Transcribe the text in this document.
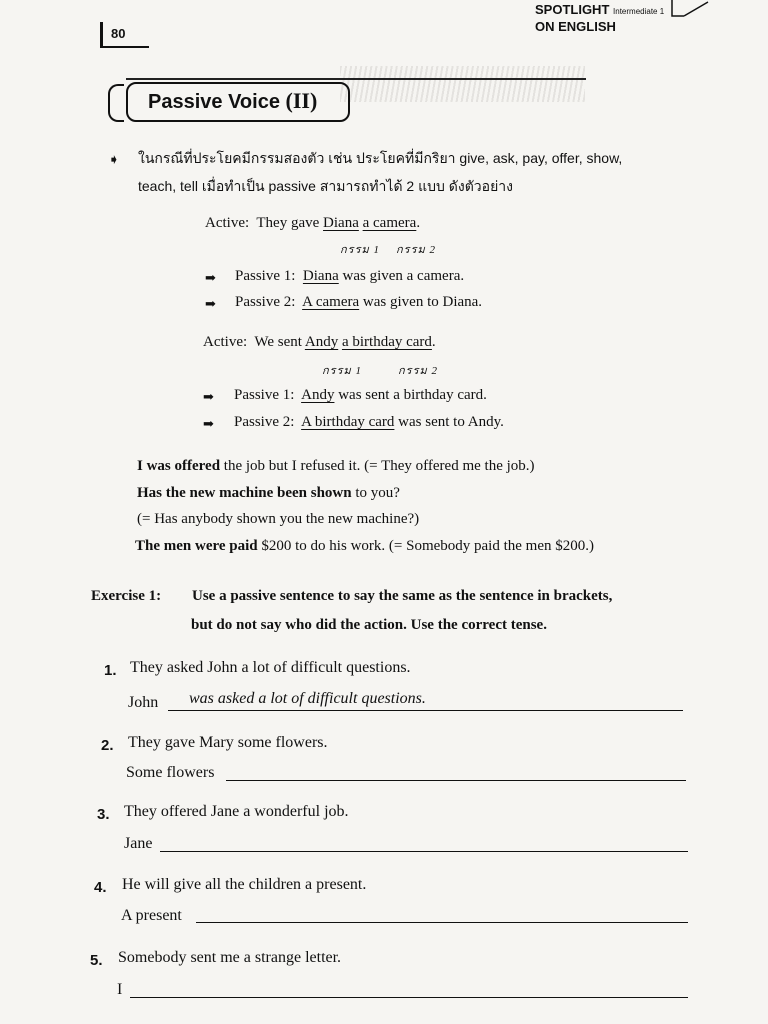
80
SPOTLIGHT Intermediate 1
ON ENGLISH
Passive Voice (II)
➧ ในกรณีที่ประโยคมีกรรมสองตัว เช่น ประโยคที่มีกริยา give, ask, pay, offer, show,
teach, tell เมื่อทำเป็น passive สามารถทำได้ 2 แบบ ดังตัวอย่าง
Active: They gave Diana a camera.
กรรม 1 กรรม 2
➡ Passive 1: Diana was given a camera.
➡ Passive 2: A camera was given to Diana.
Active: We sent Andy a birthday card.
กรรม 1	กรรม 2
➡ Passive 1: Andy was sent a birthday card.
➡ Passive 2: A birthday card was sent to Andy.
I was offered the job but I refused it. (= They offered me the job.)
Has the new machine been shown to you?
(= Has anybody shown you the new machine?)
The men were paid $200 to do his work. (= Somebody paid the men $200.)
Exercise 1: Use a passive sentence to say the same as the sentence in brackets,
but do not say who did the action. Use the correct tense.
1. They asked John a lot of difficult questions.
John was asked a lot of difficult questions.
2. They gave Mary some flowers.
Some flowers
3. They offered Jane a wonderful job.
Jane
4. He will give all the children a present.
A present
5. Somebody sent me a strange letter.
I
